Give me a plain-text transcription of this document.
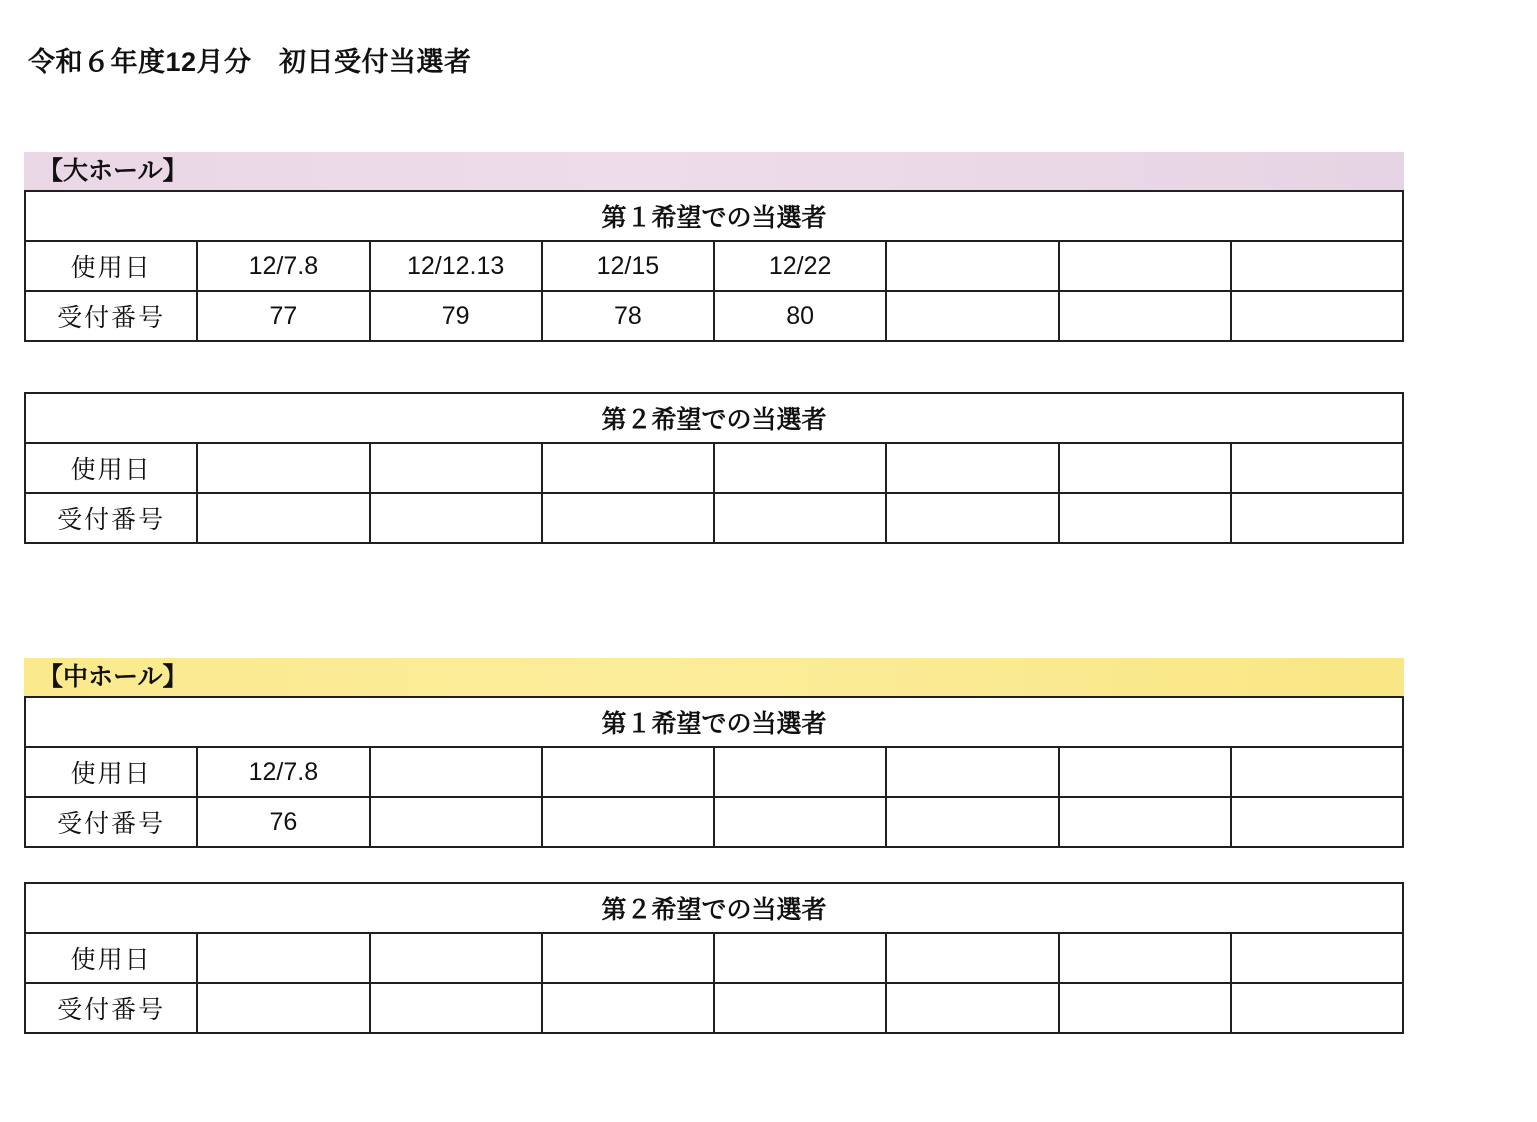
令和６年度12月分　初日受付当選者
【大ホール】
第１希望での当選者							
使用日	12/7.8	12/12.13	12/15	12/22			
受付番号	77	79	78	80			
第２希望での当選者							
使用日							
受付番号							
【中ホール】
第１希望での当選者							
使用日	12/7.8						
受付番号	76						
第２希望での当選者							
使用日							
受付番号							
